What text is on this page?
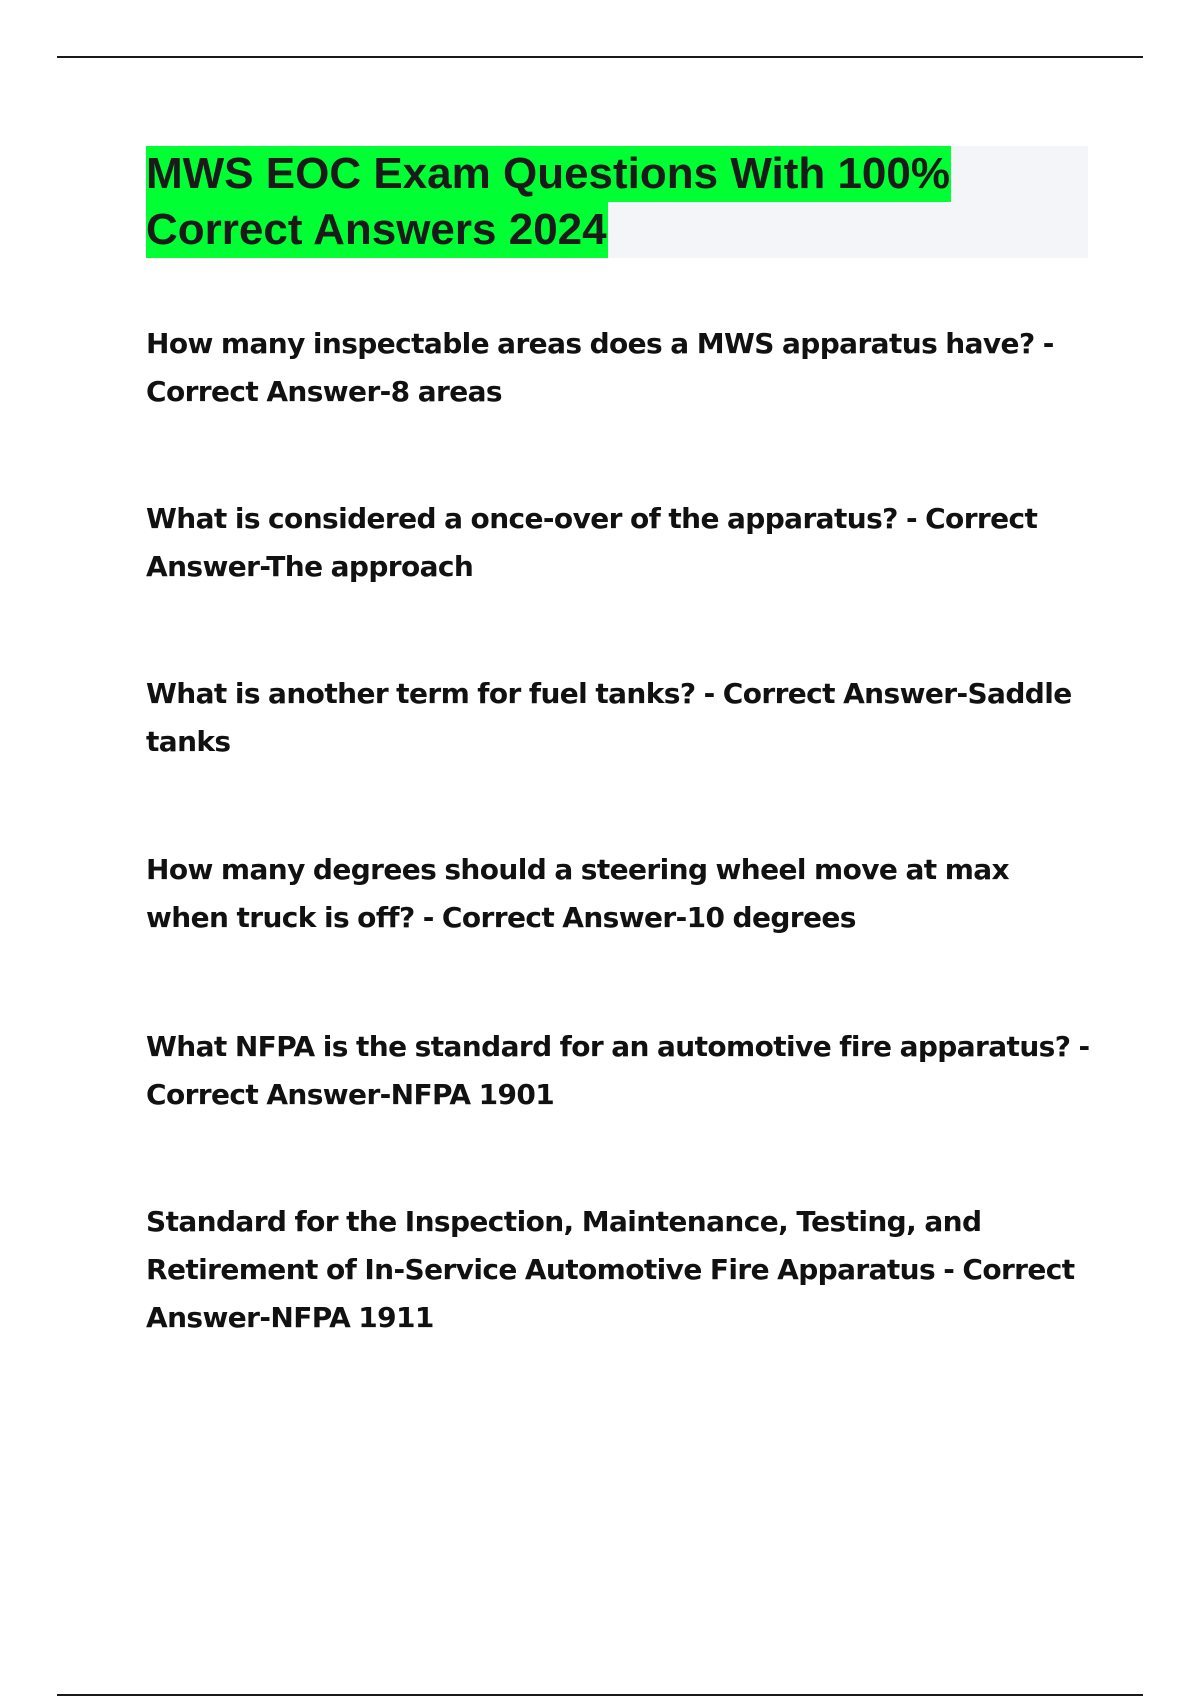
MWS EOC Exam Questions With 100%
Correct Answers 2024
How many inspectable areas does a MWS apparatus have? -
Correct Answer-8 areas
What is considered a once-over of the apparatus? - Correct
Answer-The approach
What is another term for fuel tanks? - Correct Answer-Saddle
tanks
How many degrees should a steering wheel move at max
when truck is off? - Correct Answer-10 degrees
What NFPA is the standard for an automotive fire apparatus? -
Correct Answer-NFPA 1901
Standard for the Inspection, Maintenance, Testing, and
Retirement of In-Service Automotive Fire Apparatus - Correct
Answer-NFPA 1911
